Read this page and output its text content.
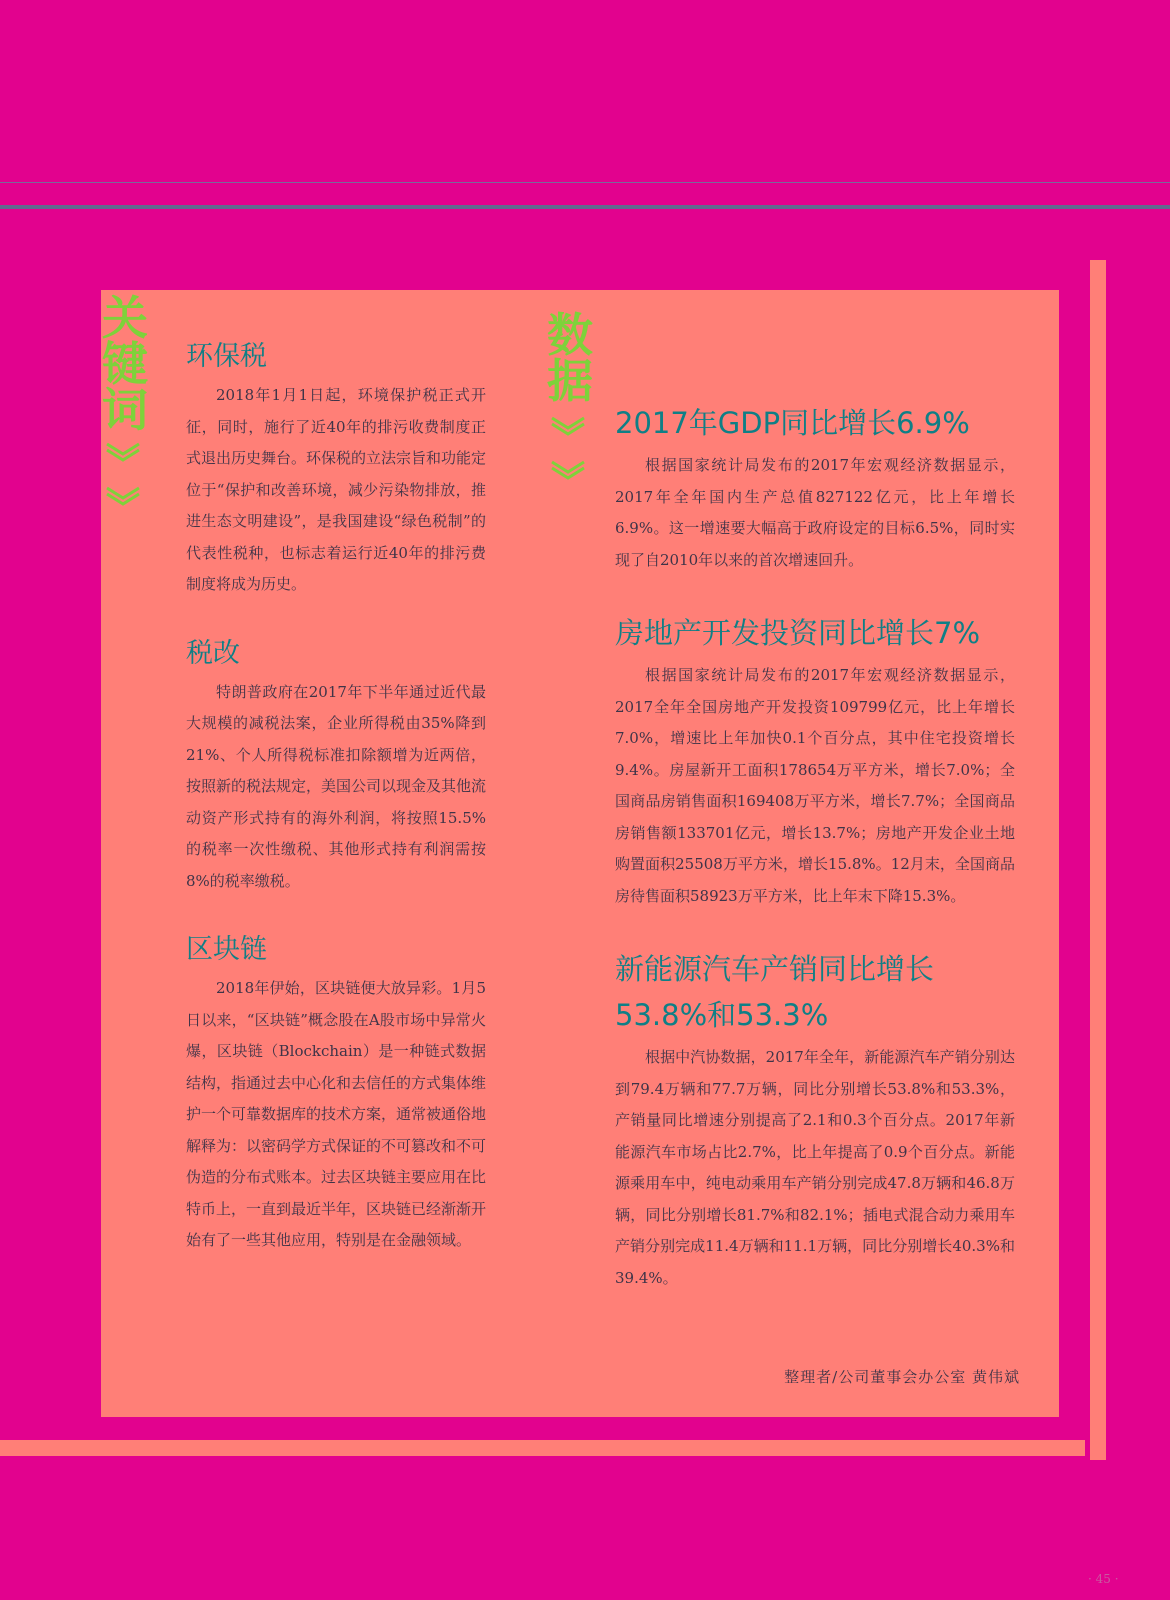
关
键
词
数
据
环保税

2018年1月1日起，环境保护税正式开征，同时，施行了近40年的排污收费制度正式退出历史舞台。环保税的立法宗旨和功能定位于“保护和改善环境，减少污染物排放，推进生态文明建设”，是我国建设“绿色税制”的代表性税种，也标志着运行近40年的排污费制度将成为历史。

税改

特朗普政府在2017年下半年通过近代最大规模的减税法案，企业所得税由35%降到21%、个人所得税标准扣除额增为近两倍，按照新的税法规定，美国公司以现金及其他流动资产形式持有的海外利润，将按照15.5%的税率一次性缴税、其他形式持有利润需按8%的税率缴税。

区块链

2018年伊始，区块链便大放异彩。1月5日以来，“区块链”概念股在A股市场中异常火爆，区块链（Blockchain）是一种链式数据结构，指通过去中心化和去信任的方式集体维护一个可靠数据库的技术方案，通常被通俗地解释为：以密码学方式保证的不可篡改和不可伪造的分布式账本。过去区块链主要应用在比特币上，一直到最近半年，区块链已经渐渐开始有了一些其他应用，特别是在金融领域。

2017年GDP同比增长6.9%

根据国家统计局发布的2017年宏观经济数据显示，2017年全年国内生产总值827122亿元，比上年增长6.9%。这一增速要大幅高于政府设定的目标6.5%，同时实现了自2010年以来的首次增速回升。

房地产开发投资同比增长7%

根据国家统计局发布的2017年宏观经济数据显示，2017全年全国房地产开发投资109799亿元，比上年增长7.0%，增速比上年加快0.1个百分点，其中住宅投资增长9.4%。房屋新开工面积178654万平方米，增长7.0%；全国商品房销售面积169408万平方米，增长7.7%；全国商品房销售额133701亿元，增长13.7%；房地产开发企业土地购置面积25508万平方米，增长15.8%。12月末，全国商品房待售面积58923万平方米，比上年末下降15.3%。

新能源汽车产销同比增长53.8%和53.3%

根据中汽协数据，2017年全年，新能源汽车产销分别达到79.4万辆和77.7万辆，同比分别增长53.8%和53.3%，产销量同比增速分别提高了2.1和0.3个百分点。2017年新能源汽车市场占比2.7%，比上年提高了0.9个百分点。新能源乘用车中，纯电动乘用车产销分别完成47.8万辆和46.8万辆，同比分别增长81.7%和82.1%；插电式混合动力乘用车产销分别完成11.4万辆和11.1万辆，同比分别增长40.3%和39.4%。

整理者/公司董事会办公室 黄伟斌
· 45 ·
